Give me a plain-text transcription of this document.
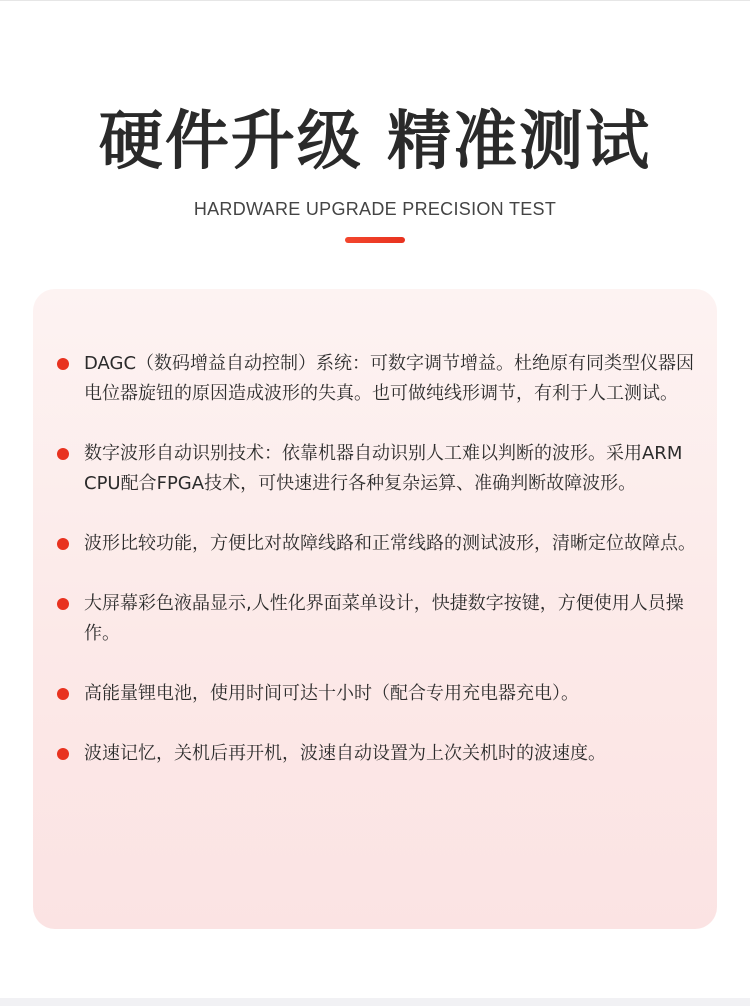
硬件升级 精准测试
HARDWARE UPGRADE PRECISION TEST
DAGC（数码增益自动控制）系统：可数字调节增益。杜绝原有同类型仪器因电位器旋钮的原因造成波形的失真。也可做纯线形调节，有利于人工测试。
数字波形自动识别技术：依靠机器自动识别人工难以判断的波形。采用ARM CPU配合FPGA技术，可快速进行各种复杂运算、准确判断故障波形。
波形比较功能，方便比对故障线路和正常线路的测试波形，清晰定位故障点。
大屏幕彩色液晶显示,人性化界面菜单设计，快捷数字按键，方便使用人员操作。
高能量锂电池，使用时间可达十小时（配合专用充电器充电）。
波速记忆，关机后再开机，波速自动设置为上次关机时的波速度。
